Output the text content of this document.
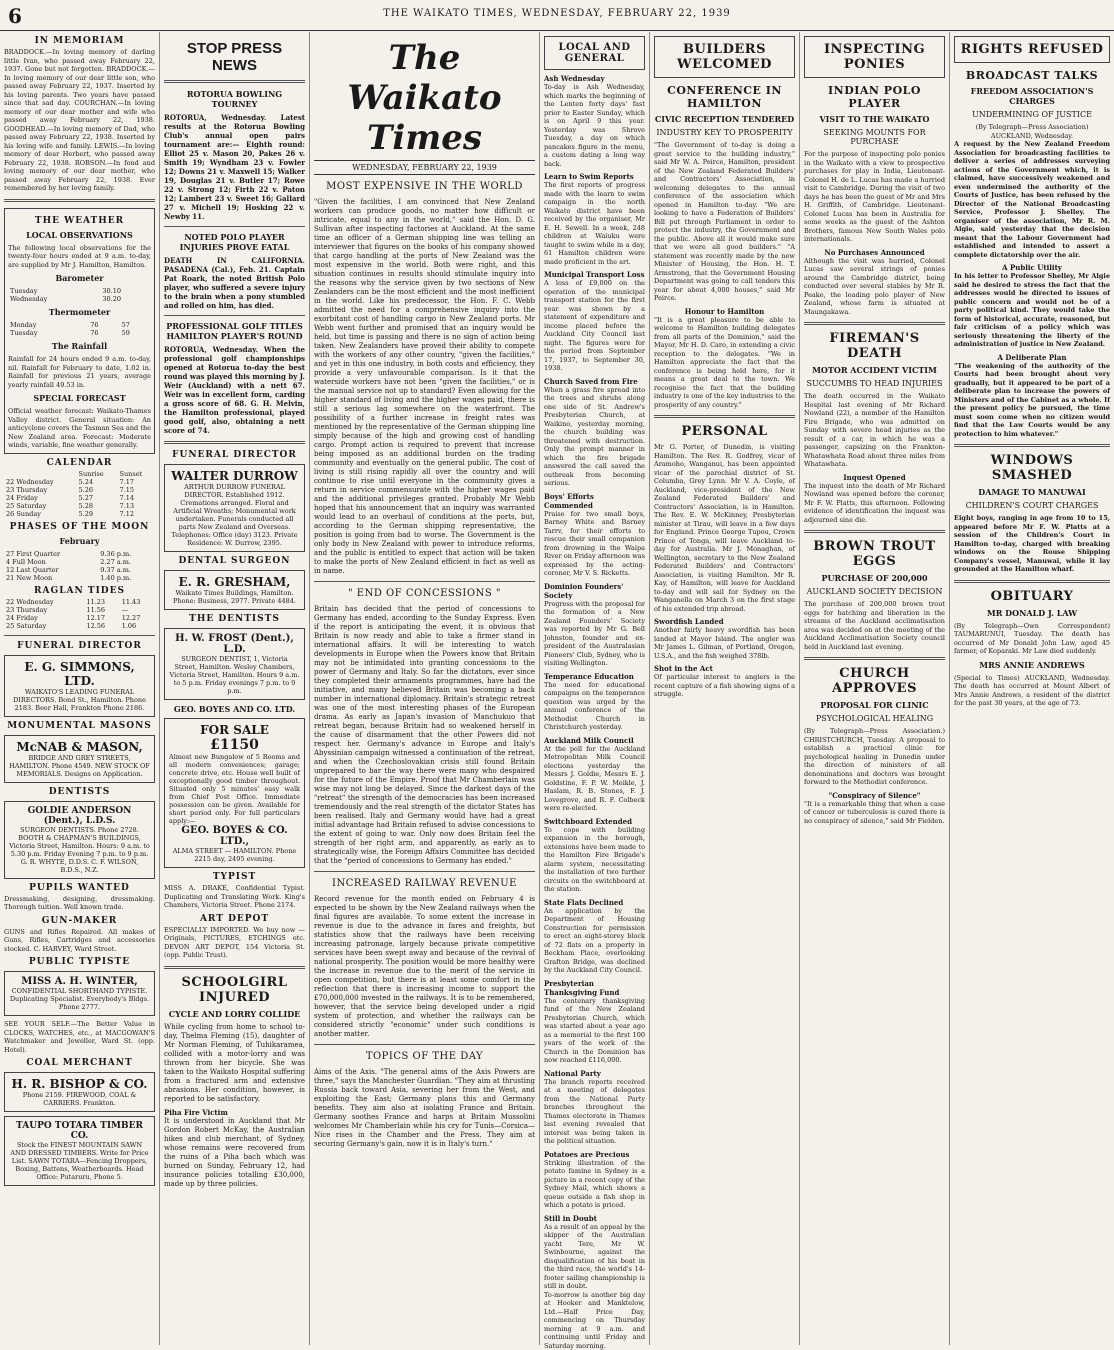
6	THE WAIKATO TIMES, WEDNESDAY, FEBRUARY 22, 1939
IN MEMORIAM
BRADDOCK.—In loving memory of darling little Ivan, who passed away February 22, 1937. Gone but not forgotten. BRADDOCK.—In loving memory of our dear little son, who passed away February 22, 1937. Inserted by his loving parents. Two years have passed since that sad day. COURCHAN.—In loving memory of our dear mother and wife who passed away February 22, 1938. GOODHEAD.—In loving memory of Dad, who passed away February 22, 1938. Inserted by his loving wife and family. LEWIS.—In loving memory of dear Herbert, who passed away February 22, 1938. ROBSON.—In fond and loving memory of our dear mother, who passed away February 22, 1938. Ever remembered by her loving family.
THE WEATHER
LOCAL OBSERVATIONS
The following local observations for the twenty-four hours ended at 9 a.m. to-day, are supplied by Mr J. Hamilton, Hamilton.
Barometer
Tuesday	30.10
Wednesday	30.20
Thermometer
Monday	76	57
Tuesday	76	59
The Rainfall
Rainfall for 24 hours ended 9 a.m. to-day, nil. Rainfall for February to date, 1.02 in. Rainfall for previous 21 years, average yearly rainfall 49.53 in.
SPECIAL FORECAST
Official weather forecast: Waikato-Thames Valley district. General situation: An anticyclone covers the Tasman Sea and the New Zealand area. Forecast: Moderate winds, variable, fine weather generally.
CALENDAR
	Sunrise	Sunset
22 Wednesday	5.24	7.17
23 Thursday	5.26	7.15
24 Friday	5.27	7.14
25 Saturday	5.28	7.13
26 Sunday	5.29	7.12
PHASES OF THE MOON
February
27 First Quarter	9.36 p.m.
4 Full Moon	2.27 a.m.
12 Last Quarter	9.37 a.m.
21 New Moon	1.40 p.m.
RAGLAN TIDES
22 Wednesday	11.23	11.43
23 Thursday	11.56	—
24 Friday	12.17	12.27
25 Saturday	12.56	1.06
FUNERAL DIRECTOR
E. G. SIMMONS, LTD.
WAIKATO'S LEADING FUNERAL DIRECTORS. Bond St., Hamilton. Phone 2183. Beer Hall, Frankton Phone 2186.
MONUMENTAL MASONS
McNAB & MASON,
BRIDGE AND GREY STREETS, HAMILTON. Phone 4549. NEW STOCK OF MEMORIALS. Designs on Application.
DENTISTS
GOLDIE ANDERSON (Dent.), L.D.S.
SURGEON DENTISTS. Phone 2728. BOOTH & CHAPMAN'S BUILDINGS, Victoria Street, Hamilton. Hours: 9 a.m. to 5.30 p.m. Friday Evening 7 p.m. to 9 p.m. G. R. WHYTE, D.D.S. C. F. WILSON, B.D.S., N.Z.
PUPILS WANTED
Dressmaking, designing, dressmaking. Thorough tuition. Well known trade.
GUN-MAKER
GUNS and Rifles Repaired. All makes of Guns, Rifles, Cartridges and accessories stocked. C. HARVEY, Ward Street.
PUBLIC TYPISTE
MISS A. H. WINTER,
CONFIDENTIAL SHORTHAND TYPISTE. Duplicating Specialist. Everybody's Bldgs. Phone 2777.
SEE YOUR SELF.—The Better Value in CLOCKS, WATCHES, etc., at MACGOWAN'S Watchmaker and Jeweller, Ward St. (opp. Hotel).
COAL MERCHANT
H. R. BISHOP & CO.
Phone 2159. FIREWOOD, COAL & CARRIERS. Frankton.
TAUPO TOTARA TIMBER CO.
Stock the FINEST MOUNTAIN SAWN AND DRESSED TIMBERS. Write for Price List. SAWN TOTARA—Fencing Droppers, Boxing, Battens, Weatherboards. Head Office: Putaruru, Phone 5.
STOP PRESS NEWS
ROTORUA BOWLING TOURNEY
ROTORUA, Wednesday. Latest results at the Rotorua Bowling Club's annual open pairs tournament are:— Eighth round: Elliot 25 v. Mason 20, Pakes 26 v. Smith 19; Wyndham 23 v. Fowler 12; Downs 21 v. Maxwell 15; Walker 19, Douglas 21 v. Butler 17; Rowe 22 v. Strong 12; Firth 22 v. Paton 12; Lambert 23 v. Sweet 16; Gallard 27 v. Michell 19; Hosking 22 v. Newby 11.
NOTED POLO PLAYER INJURIES PROVE FATAL
DEATH IN CALIFORNIA. PASADENA (Cal.), Feb. 21. Captain Pat Roark, the noted British Polo player, who suffered a severe injury to the brain when a pony stumbled and rolled on him, has died.
PROFESSIONAL GOLF TITLES HAMILTON PLAYER'S ROUND
ROTORUA, Wednesday. When the professional golf championships opened at Rotorua to-day the best round was played this morning by J. Weir (Auckland) with a nett 67. Weir was in excellent form, carding a gross score of 68. G. H. Melvin, the Hamilton professional, played good golf, also, obtaining a nett score of 74.
FUNERAL DIRECTOR
WALTER DURROW
ARTHUR DURROW FUNERAL DIRECTOR. Established 1912. Cremations arranged. Floral and Artificial Wreaths; Monumental work undertaken. Funerals conducted all parts New Zealand and Overseas. Telephones: Office (day) 3123. Private Residence: W. Durrow, 2395.
DENTAL SURGEON
E. R. GRESHAM,
Waikato Times Buildings, Hamilton. Phone: Business, 2977. Private 4484.
THE DENTISTS
H. W. FROST (Dent.), L.D.
SURGEON DENTIST, 1, Victoria Street, Hamilton. Wesley Chambers, Victoria Street, Hamilton. Hours 9 a.m. to 5 p.m. Friday evenings 7 p.m. to 9 p.m.
GEO. BOYES AND CO. LTD.
FOR SALE
£1150
Almost new Bungalow of 5 Rooms and all modern conveniences; garage; concrete drive, etc. House well built of exceptionally good timber throughout. Situated only 5 minutes' easy walk from Chief Post Office. Immediate possession can be given. Available for short period only. For full particulars apply:—
GEO. BOYES & CO. LTD.,
ALMA STREET — HAMILTON. Phone 2215 day, 2495 evening.
TYPIST
MISS A. DRAKE, Confidential Typist. Duplicating and Translating Work. King's Chambers, Victoria Street. Phone 2174.
ART DEPOT
ESPECIALLY IMPORTED. We buy now — Originals, PICTURES, ETCHINGS etc. DEVON ART DEPOT, 154 Victoria St. (opp. Public Trust).
SCHOOLGIRL INJURED
CYCLE AND LORRY COLLIDE
While cycling from home to school to-day, Thelma Fleming (15), daughter of Mr Norman Fleming, of Tuhikaramea, collided with a motor-lorry and was thrown from her bicycle. She was taken to the Waikato Hospital suffering from a fractured arm and extensive abrasions. Her condition, however, is reported to be satisfactory.
Piha Fire Victim
It is understood in Auckland that Mr Gordon Robert McKay, the Australian hikes and club merchant, of Sydney, whose remains were recovered from the ruins of a Piha bach which was burned on Sunday, February 12, had insurance policies totalling £30,000, made up by three policies.
The Waikato Times
WEDNESDAY, FEBRUARY 22, 1939
MOST EXPENSIVE IN THE WORLD
"Given the facilities, I am convinced that New Zealand workers can produce goods, no matter how difficult or intricate, equal to any in the world," said the Hon. D. G. Sullivan after inspecting factories at Auckland. At the same time an officer of a German shipping line was telling an interviewer that figures on the books of his company showed that cargo handling at the ports of New Zealand was the most expensive in the world. Both were right, and this situation continues in results should stimulate inquiry into the reasons why the service given by two sections of New Zealanders can be the most efficient and the most inefficient in the world. Like his predecessor, the Hon. F. C. Webb admitted the need for a comprehensive inquiry into the exorbitant cost of handling cargo in New Zealand ports. Mr Webb went further and promised that an inquiry would be held, but time is passing and there is no sign of action being taken. New Zealanders have proved their ability to compete with the workers of any other country, "given the facilities," and yet in this one industry, in both costs and efficiency, they provide a very unfavourable comparison. Is it that the waterside workers have not been "given the facilities," or is the manual service not up to standard? Even allowing for the higher standard of living and the higher wages paid, there is still a serious lag somewhere on the waterfront. The possibility of a further increase in freight rates was mentioned by the representative of the German shipping line simply because of the high and growing cost of handling cargo. Prompt action is required to prevent that increase being imposed as an additional burden on the trading community and eventually on the general public. The cost of living is still rising rapidly all over the country and will continue to rise until everyone in the community gives a return in service commensurate with the higher wages paid and the additional privileges granted. Probably Mr Webb hoped that his announcement that an inquiry was warranted would lead to an overhaul of conditions at the ports, but, according to the German shipping representative, the position is going from bad to worse. The Government is the only body in New Zealand with power to introduce reforms, and the public is entitled to expect that action will be taken to make the ports of New Zealand efficient in fact as well as in name.
" END OF CONCESSIONS "
Britain has decided that the period of concessions to Germany has ended, according to the Sunday Express. Even if the report is anticipating the event, it is obvious that Britain is now ready and able to take a firmer stand in international affairs. It will be interesting to watch developments in Europe when the Powers know that Britain may not be intimidated into granting concessions to the power of Germany and Italy. So far the dictators, ever since they completed their armaments programmes, have had the initiative, and many believed Britain was becoming a back number in international diplomacy. Britain's strategic retreat was one of the most interesting phases of the European drama. As early as Japan's invasion of Manchukuo that retreat began, because Britain had so weakened herself in the cause of disarmament that the other Powers did not respect her. Germany's advance in Europe and Italy's Abyssinian campaign witnessed a continuation of the retreat, and when the Czechoslovakian crisis still found Britain unprepared to bar the way there were many who despaired for the future of the Empire. Proof that Mr Chamberlain was wise may not long be delayed. Since the darkest days of the "retreat" the strength of the democracies has been increased tremendously and the real strength of the dictator States has been realised. Italy and Germany would have had a great initial advantage had Britain refused to advise concessions to the extent of going to war. Only now does Britain feel the strength of her right arm, and apparently, as early as to strategically wise, the Foreign Affairs Committee has decided that the "period of concessions to Germany has ended."
INCREASED RAILWAY REVENUE
Record revenue for the month ended on February 4 is expected to be shown by the New Zealand railways when the final figures are available. To some extent the increase in revenue is due to the advance in fares and freights, but statistics show that the railways have been receiving increasing patronage, largely because private competitive services have been swept away and because of the revival of national prosperity. The position would be more healthy were the increase in revenue due to the merit of the service in open competition, but there is at least some comfort in the reflection that there is increasing income to support the £70,000,000 invested in the railways. It is to be remembered, however, that the service being developed under a rigid system of protection, and whether the railways can be considered strictly "economic" under such conditions is another matter.
TOPICS OF THE DAY
Aims of the Axis. "The general aims of the Axis Powers are three," says the Manchester Guardian. "They aim at thrusting Russia back toward Asia, severing her from the West, and exploiting the East; Germany plans this and Germany benefits. They aim also at isolating France and Britain. Germany soothes France and harps at Britain Mussolini welcomes Mr Chamberlain while his cry for Tunis—Corsica—Nice rises in the Chamber and the Press. They aim at securing Germany's gain, now it is in Italy's turn."
LOCAL AND GENERAL
Ash Wednesday
To-day is Ash Wednesday, which marks the beginning of the Lenten forty days' fast prior to Easter Sunday, which is on April 9 this year. Yesterday was Shrove Tuesday, a day on which pancakes figure in the menu, a custom dating a long way back.
Learn to Swim Reports
The first reports of progress made with the learn to swim campaign in the north Waikato district have been received by the organiser, Mr E. H. Sewell. In a week, 248 children at Waiuku were taught to swim while in a day, 61 Hamilton children were made proficient in the art.
Municipal Transport Loss
A loss of £9,000 on the operation of the municipal transport station for the first year was shown by a statement of expenditure and income placed before the Auckland City Council last night. The figures were for the period from September 17, 1937, to September 30, 1938.
Church Saved from Fire
When a grass fire spread into the trees and shrubs along one side of St. Andrew's Presbyterian Church, at Waikino, yesterday morning, the church building was threatened with destruction. Only the prompt manner in which the fire brigade answered the call saved the outbreak from becoming serious.
Boys' Efforts Commended
Praise for two small boys, Barney White and Barney Tarrv, for their efforts to rescue their small companion from drowning in the Waipa River on Friday afternoon was expressed by the acting-coroner, Mr V. S. Ricketts.
Dominion Founders' Society
Progress with the proposal for the formation of a New Zealand Founders' Society was reported by Mr G. Bell Johnston, founder and ex-president of the Australasian Pioneers' Club, Sydney, who is visiting Wellington.
Temperance Education
The need for educational campaigns on the temperance question was urged by the annual conference of the Methodist Church in Christchurch yesterday.
Auckland Milk Council
At the poll for the Auckland Metropolitan Milk Council elections yesterday the Messrs J. Goldie, Messrs E. J. Goldstine, F. P. W. Meikle, J. Haslam, R. B. Stones, F. J. Lovegrove, and R. F. Colbeck were re-elected.
Switchboard Extended
To cope with building expansion in the borough, extensions have been made to the Hamilton Fire Brigade's alarm system, necessitating the installation of two further circuits on the switchboard at the station.
State Flats Declined
An application by the Department of Housing Construction for permission to erect an eight-storey block of 72 flats on a property in Beckham Place, overlooking Grafton Bridge, was declined by the Auckland City Council.
Presbyterian Thanksgiving Fund
The centenary thanksgiving fund of the New Zealand Presbyterian Church, which was started about a year ago as a memorial to the first 100 years of the work of the Church in the Dominion has now reached £116,000.
National Party
The branch reports received at a meeting of delegates from the National Party branches throughout the Thames electorate in Thames last evening revealed that interest was being taken in the political situation.
Potatoes are Precious
Striking illustration of the potato famine in Sydney is a picture in a recent copy of the Sydney Mail, which shows a queue outside a fish shop in which a potato is priced.
Still in Doubt
As a result of an appeal by the skipper of the Australian yacht Tere, Mr W. Swinbourne, against the disqualification of his boat in the third race, the world's 14-footer sailing championship is still in doubt.
To-morrow is another big day at Hooker and Manktelow, Ltd.—Half Price Day, commencing on Thursday morning at 9 a.m. and continuing until Friday and Saturday morning.
BUILDERS WELCOMED
CONFERENCE IN HAMILTON
CIVIC RECEPTION TENDERED
INDUSTRY KEY TO PROSPERITY
"The Government of to-day is doing a great service to the building industry," said Mr W. A. Peirce, Hamilton, president of the New Zealand Federated Builders' and Contractors' Association, in welcoming delegates to the annual conference of the association which opened in Hamilton to-day. "We are looking to have a Federation of Builders' Bill put through Parliament in order to protect the industry, the Government and the public. Above all it would make sure that we were all good builders." "A statement was recently made by the new Minister of Housing, the Hon. H. T. Armstrong, that the Government Housing Department was going to call tenders this year for about 4,000 houses," said Mr Peirce.
Honour to Hamilton
"It is a great pleasure to be able to welcome to Hamilton building delegates from all parts of the Dominion," said the Mayor, Mr H. D. Caro, in extending a civic reception to the delegates. "We in Hamilton appreciate the fact that the conference is being held here, for it means a great deal to the town. We recognise the fact that the building industry is one of the key industries to the prosperity of any country."
PERSONAL
Mr G. Porter, of Dunedin, is visiting Hamilton. The Rev. R. Godfrey, vicar of Aramoho, Wanganui, has been appointed vicar of the parochial district of St. Columba, Grey Lynn. Mr V. A. Coyle, of Auckland, vice-president of the New Zealand Federated Builders' and Contractors' Association, is in Hamilton. The Rev. E. W. McKinney, Presbyterian minister at Tirau, will leave in a few days for England. Prince George Tupou, Crown Prince of Tonga, will leave Auckland to-day for Australia. Mr J. Monaghan, of Wellington, secretary to the New Zealand Federated Builders' and Contractors' Association, is visiting Hamilton. Mr R. Kay, of Hamilton, will leave for Auckland to-day and will sail for Sydney on the Wanganella on March 3 on the first stage of his extended trip abroad.
Swordfish Landed
Another fairly heavy swordfish has been landed at Mayor Island. The angler was Mr James L. Gilman, of Portland, Oregon, U.S.A., and the fish weighed 378lb.
Shot in the Act
Of particular interest to anglers is the recent capture of a fish showing signs of a struggle.
INSPECTING PONIES
INDIAN POLO PLAYER
VISIT TO THE WAIKATO
SEEKING MOUNTS FOR PURCHASE
For the purpose of inspecting polo ponies in the Waikato with a view to prospective purchases for play in India, Lieutenant-Colonel H. de L. Lucas has made a hurried visit to Cambridge. During the visit of two days he has been the guest of Mr and Mrs H. Griffith, of Cambridge. Lieutenant-Colonel Lucas has been in Australia for some weeks as the guest of the Ashton Brothers, famous New South Wales polo internationals.
No Purchases Announced
Although the visit was hurried, Colonel Lucas saw several strings of ponies around the Cambridge district, being conducted over several stables by Mr R. Peake, the leading polo player of New Zealand, whose farm is situated at Maungakawa.
FIREMAN'S DEATH
MOTOR ACCIDENT VICTIM
SUCCUMBS TO HEAD INJURIES
The death occurred in the Waikato Hospital last evening of Mr Richard Nowland (22), a member of the Hamilton Fire Brigade, who was admitted on Sunday with severe head injuries as the result of a car, in which he was a passenger, capsizing on the Frankton-Whatawhata Road about three miles from Whatawhata.
Inquest Opened
The inquest into the death of Mr Richard Nowland was opened before the coroner, Mr F. W. Platts, this afternoon. Following evidence of identification the inquest was adjourned sine die.
BROWN TROUT EGGS
PURCHASE OF 200,000
AUCKLAND SOCIETY DECISION
The purchase of 200,000 brown trout eggs for hatching and liberation in the streams of the Auckland acclimatisation area was decided on at the meeting of the Auckland Acclimatisation Society council held in Auckland last evening.
CHURCH APPROVES
PROPOSAL FOR CLINIC
PSYCHOLOGICAL HEALING
(By Telegraph—Press Association.) CHRISTCHURCH, Tuesday. A proposal to establish a practical clinic for psychological healing in Dunedin under the direction of ministers of all denominations and doctors was brought forward to the Methodist conference.
"Conspiracy of Silence"
"It is a remarkable thing that when a case of cancer or tuberculosis is cured there is no conspiracy of silence," said Mr Fielden.
RIGHTS REFUSED
BROADCAST TALKS
FREEDOM ASSOCIATION'S CHARGES
UNDERMINING OF JUSTICE
(By Telegraph—Press Association) AUCKLAND, Wednesday.
A request by the New Zealand Freedom Association for broadcasting facilities to deliver a series of addresses surveying actions of the Government which, it is claimed, have successively weakened and even undermined the authority of the Courts of Justice, has been refused by the Director of the National Broadcasting Service, Professor J. Shelley. The organiser of the association, Mr R. M. Algie, said yesterday that the decision meant that the Labour Government had established and intended to assert a complete dictatorship over the air.
A Public Utility
In his letter to Professor Shelley, Mr Algie said he desired to stress the fact that the addresses would be directed to issues of public concern and would not be of a party political kind. They would take the form of historical, accurate, reasoned, but fair criticism of a policy which was seriously threatening the liberty of the administration of justice in New Zealand.
A Deliberate Plan
"The weakening of the authority of the Courts had been brought about very gradually, but it appeared to be part of a deliberate plan to increase the powers of Ministers and of the Cabinet as a whole. If the present policy be pursued, the time must soon come when no citizen would find that the Law Courts would be any protection to him whatever."
WINDOWS SMASHED
DAMAGE TO MANUWAI
CHILDREN'S COURT CHARGES
Eight boys, ranging in age from 10 to 15, appeared before Mr F. W. Platts at a session of the Children's Court in Hamilton to-day, charged with breaking windows on the Rouse Shipping Company's vessel, Manuwai, while it lay grounded at the Hamilton wharf.
OBITUARY
MR DONALD J. LAW
(By Telegraph—Own Correspondent) TAUMARUNUI, Tuesday. The death has occurred of Mr Donald John Law, aged 45 farmer, of Koparaki. Mr Law died suddenly.
MRS ANNIE ANDREWS
(Special to Times) AUCKLAND, Wednesday. The death has occurred at Mount Albert of Mrs Annie Andrews, a resident of the district for the past 30 years, at the age of 73.
